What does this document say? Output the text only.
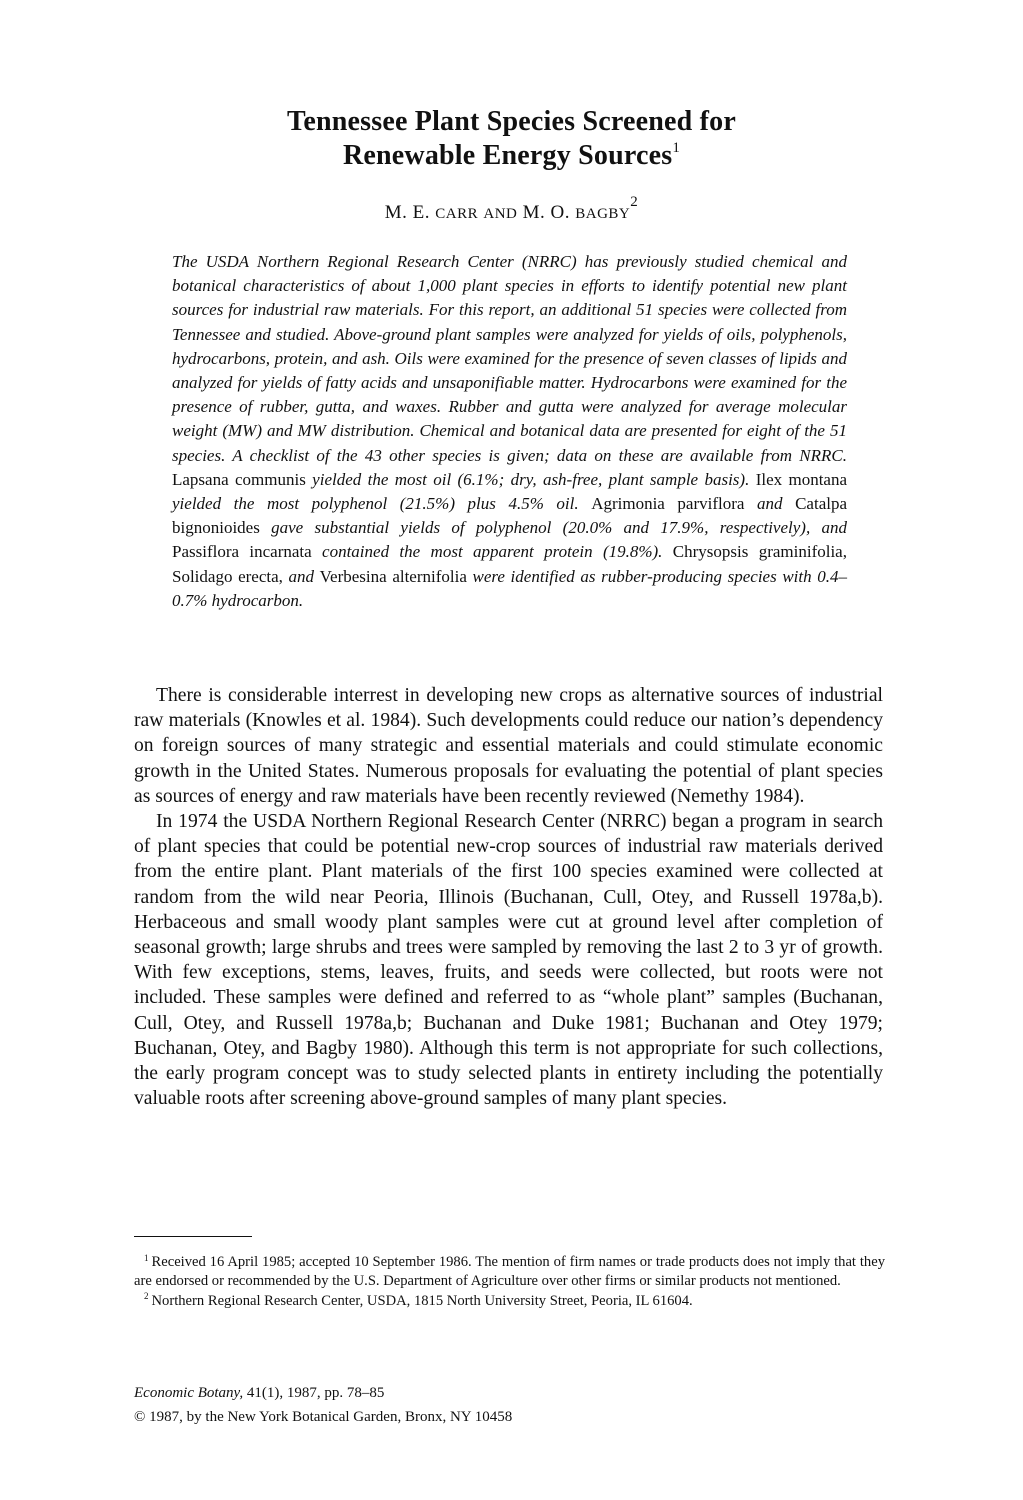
Tennessee Plant Species Screened for
Renewable Energy Sources$^1$
M. E. CARR AND M. O. BAGBY$^2$
The USDA Northern Regional Research Center (NRRC) has previously studied chemical and botanical characteristics of about 1,000 plant species in efforts to identify potential new plant sources for industrial raw materials. For this report, an additional 51 species were collected from Tennessee and studied. Above-ground plant samples were analyzed for yields of oils, polyphenols, hydrocarbons, protein, and ash. Oils were examined for the presence of seven classes of lipids and analyzed for yields of fatty acids and unsaponifiable matter. Hydrocarbons were examined for the presence of rubber, gutta, and waxes. Rubber and gutta were analyzed for average molecular weight (MW) and MW distribution. Chemical and botanical data are presented for eight of the 51 species. A checklist of the 43 other species is given; data on these are available from NRRC. Lapsana communis yielded the most oil (6.1%; dry, ash-free, plant sample basis). Ilex montana yielded the most polyphenol (21.5%) plus 4.5% oil. Agrimonia parviflora and Catalpa bignonioides gave substantial yields of polyphenol (20.0% and 17.9%, respectively), and Passiflora incarnata contained the most apparent protein (19.8%). Chrysopsis graminifolia, Solidago erecta, and Verbesina alternifolia were identified as rubber-producing species with 0.4–0.7% hydrocarbon.

There is considerable interrest in developing new crops as alternative sources of industrial raw materials (Knowles et al. 1984). Such developments could reduce our nation’s dependency on foreign sources of many strategic and essential materials and could stimulate economic growth in the United States. Numerous proposals for evaluating the potential of plant species as sources of energy and raw materials have been recently reviewed (Nemethy 1984).

In 1974 the USDA Northern Regional Research Center (NRRC) began a program in search of plant species that could be potential new-crop sources of industrial raw materials derived from the entire plant. Plant materials of the first 100 species examined were collected at random from the wild near Peoria, Illinois (Buchanan, Cull, Otey, and Russell 1978a,b). Herbaceous and small woody plant samples were cut at ground level after completion of seasonal growth; large shrubs and trees were sampled by removing the last 2 to 3 yr of growth. With few exceptions, stems, leaves, fruits, and seeds were collected, but roots were not included. These samples were defined and referred to as “whole plant” samples (Buchanan, Cull, Otey, and Russell 1978a,b; Buchanan and Duke 1981; Buchanan and Otey 1979; Buchanan, Otey, and Bagby 1980). Although this term is not appropriate for such collections, the early program concept was to study selected plants in entirety including the potentially valuable roots after screening above-ground samples of many plant species.

$^1$ Received 16 April 1985; accepted 10 September 1986. The mention of firm names or trade products does not imply that they are endorsed or recommended by the U.S. Department of Agriculture over other firms or similar products not mentioned.

$^2$ Northern Regional Research Center, USDA, 1815 North University Street, Peoria, IL 61604.

Economic Botany, 41(1), 1987, pp. 78–85
© 1987, by the New York Botanical Garden, Bronx, NY 10458
